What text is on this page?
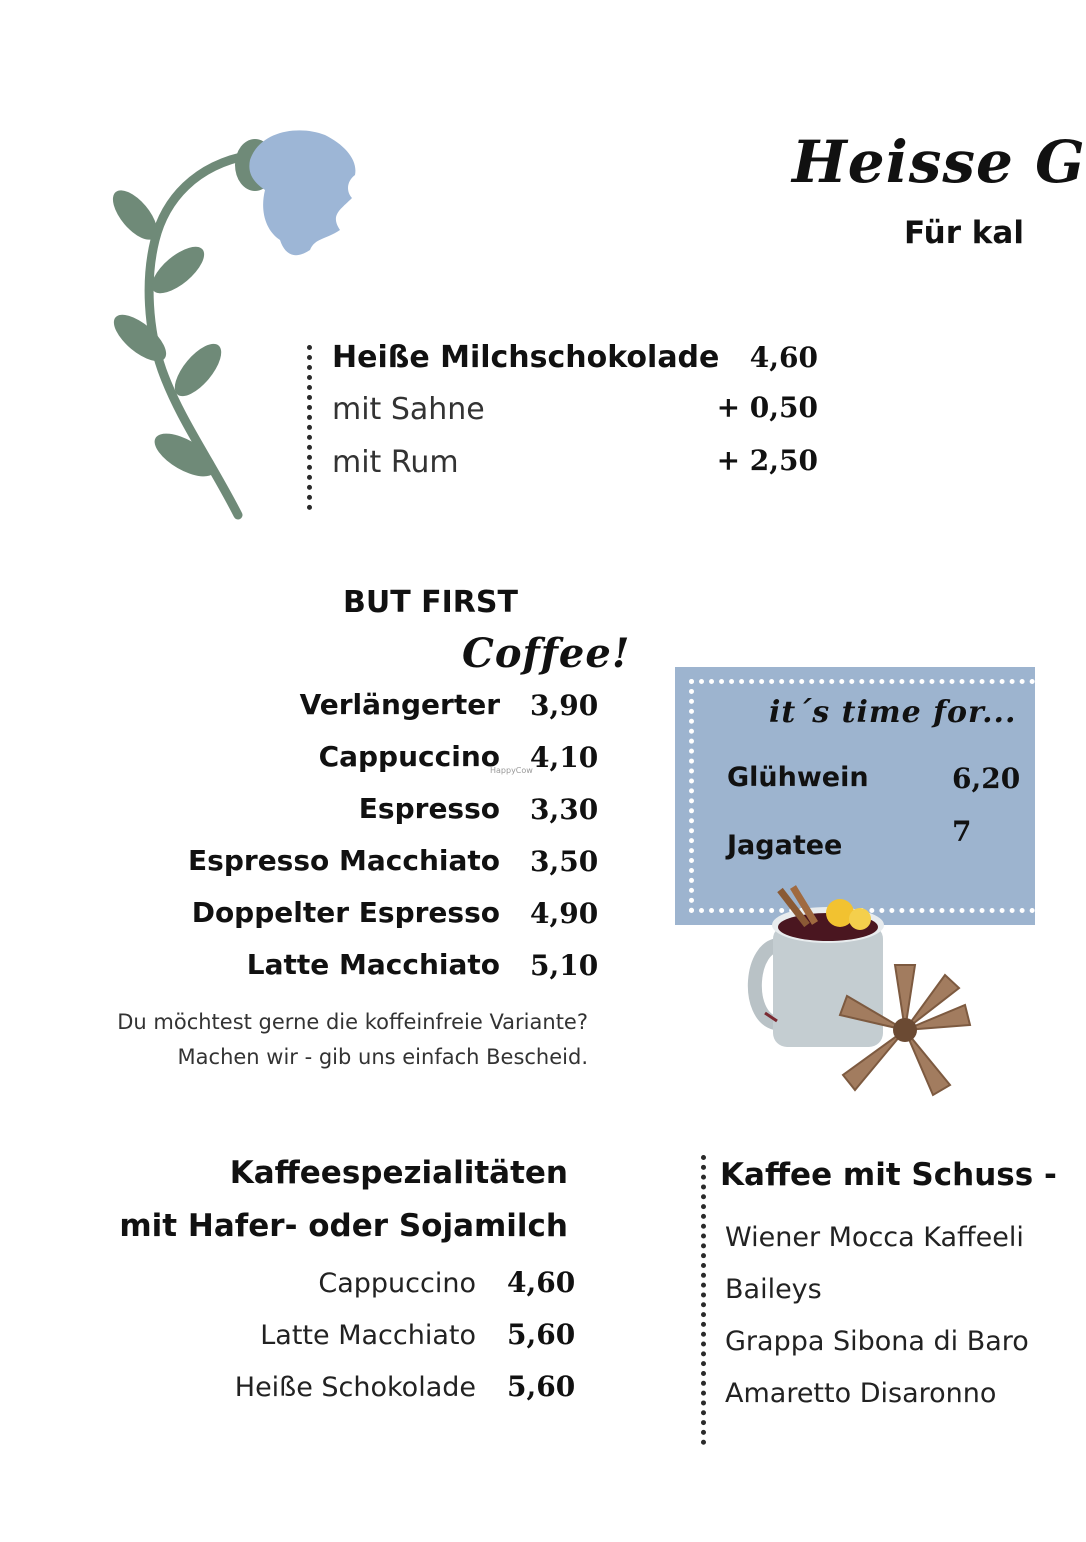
Heisse G
Für kal
Heiße Milchschokolade	4,60
mit Sahne	+ 0,50
mit Rum	+ 2,50
BUT FIRST
Coffee!
Verlängerter 3,90
Cappuccino 4,10
HappyCow
Espresso 3,30
Espresso Macchiato 3,50
Doppelter Espresso 4,90
Latte Macchiato 5,10
Du möchtest gerne die koffeinfreie Variante?
Machen wir - gib uns einfach Bescheid.
it´s time for...
Glühwein	6,20
Jagatee	7
Kaffeespezialitäten
mit Hafer- oder Sojamilch
Cappuccino 4,60
Latte Macchiato 5,60
Heiße Schokolade 5,60
Kaffee mit Schuss -
Wiener Mocca Kaffeeli
Baileys
Grappa Sibona di Baro
Amaretto Disaronno
